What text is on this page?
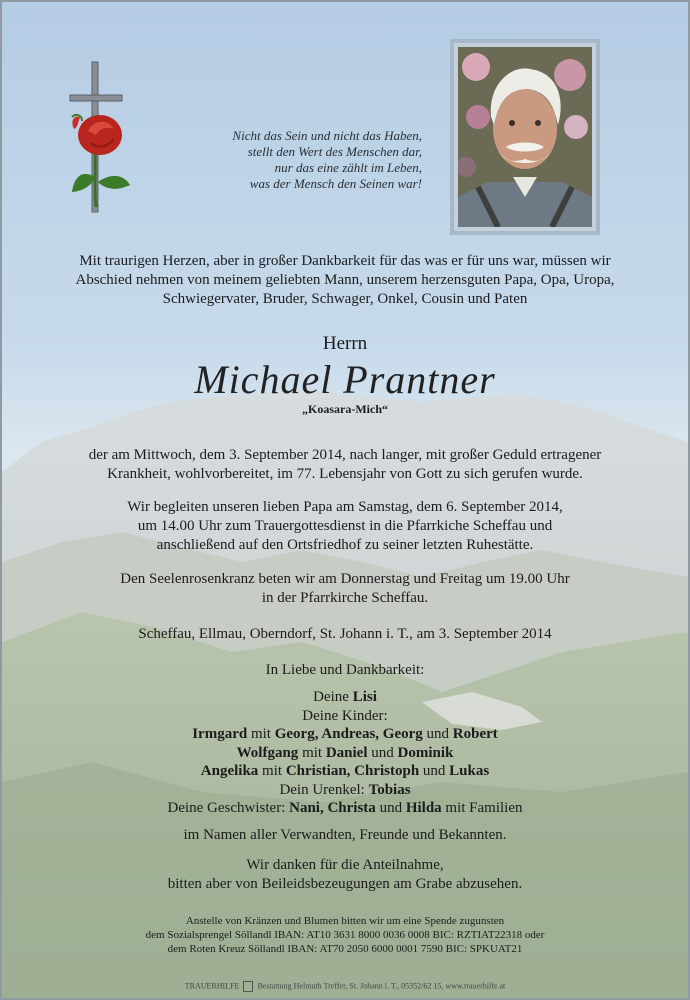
Nicht das Sein und nicht das Haben,
stellt den Wert des Menschen dar,
nur das eine zählt im Leben,
was der Mensch den Seinen war!
Mit traurigen Herzen, aber in großer Dankbarkeit für das was er für uns war, müssen wir
Abschied nehmen von meinem geliebten Mann, unserem herzensguten Papa, Opa, Uropa,
Schwiegervater, Bruder, Schwager, Onkel, Cousin und Paten
Herrn
Michael Prantner
„Koasara-Mich“
der am Mittwoch, dem 3. September 2014, nach langer, mit großer Geduld ertragener
Krankheit, wohlvorbereitet, im 77. Lebensjahr von Gott zu sich gerufen wurde.
Wir begleiten unseren lieben Papa am Samstag, dem 6. September 2014,
um 14.00 Uhr zum Trauergottesdienst in die Pfarrkiche Scheffau und
anschließend auf den Ortsfriedhof zu seiner letzten Ruhestätte.
Den Seelenrosenkranz beten wir am Donnerstag und Freitag um 19.00 Uhr
in der Pfarrkirche Scheffau.
Scheffau, Ellmau, Oberndorf, St. Johann i. T., am 3. September 2014
In Liebe und Dankbarkeit:
Deine Lisi
Deine Kinder:
Irmgard mit Georg, Andreas, Georg und Robert
Wolfgang mit Daniel und Dominik
Angelika mit Christian, Christoph und Lukas
Dein Urenkel: Tobias
Deine Geschwister: Nani, Christa und Hilda mit Familien
im Namen aller Verwandten, Freunde und Bekannten.
Wir danken für die Anteilnahme,
bitten aber von Beileidsbezeugungen am Grabe abzusehen.
Anstelle von Kränzen und Blumen bitten wir um eine Spende zugunsten
dem Sozialsprengel Söllandl IBAN: AT10 3631 8000 0036 0008 BIC: RZTIAT22318 oder
dem Roten Kreuz Söllandl IBAN: AT70 2050 6000 0001 7590 BIC: SPKUAT21
TRAUERHILFE Bestattung Helmuth Treffer, St. Johann i. T., 05352/62 15, www.trauerhilfe.at
